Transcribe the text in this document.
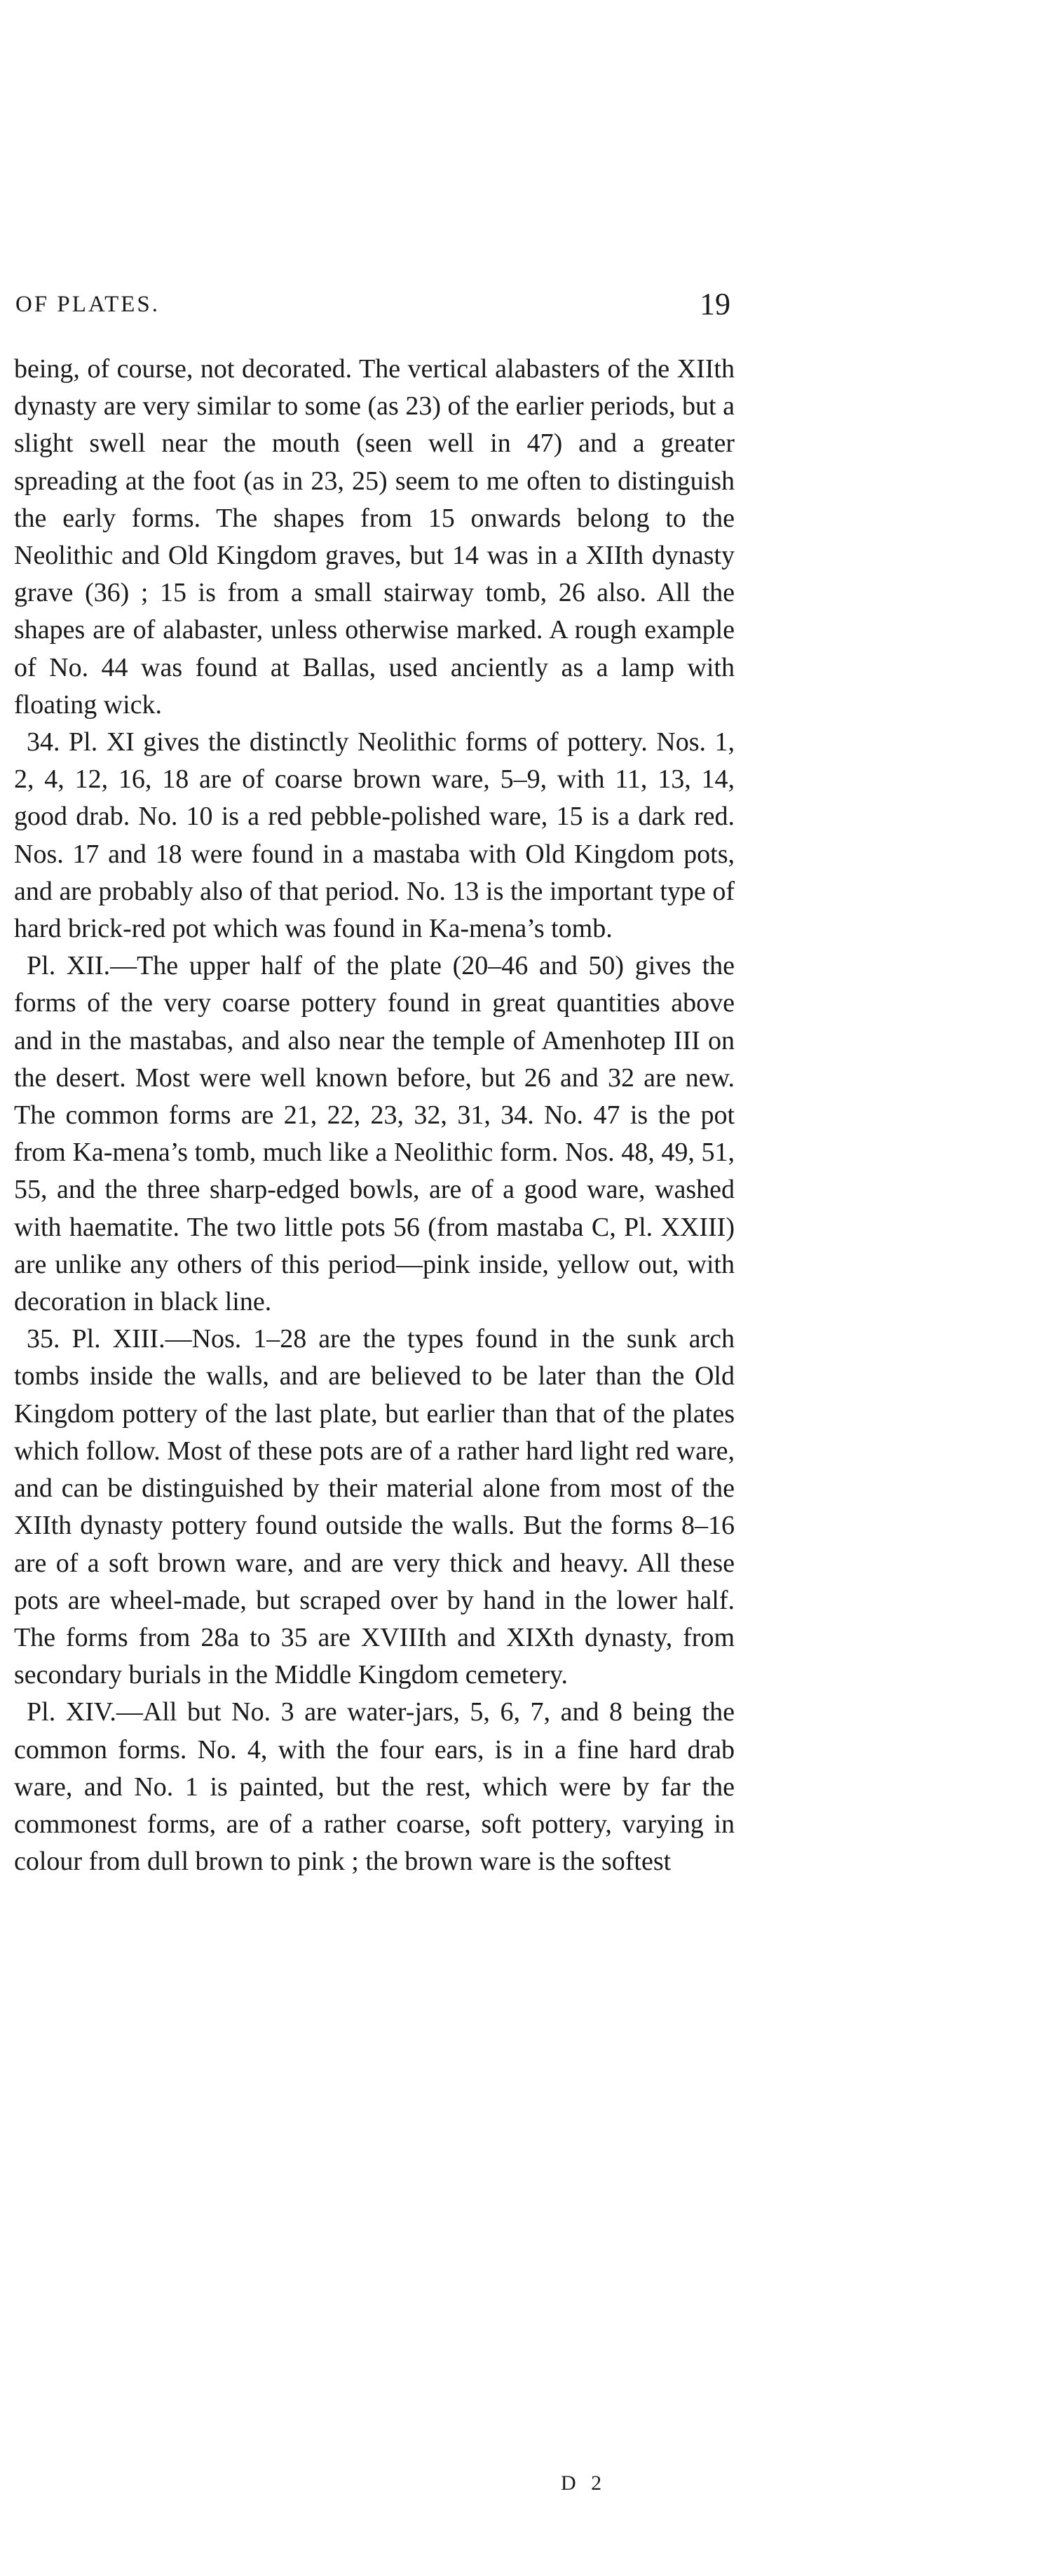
OF PLATES.	19

being, of course, not decorated. The vertical alabasters of the XIIth dynasty are very similar to some (as 23) of the earlier periods, but a slight swell near the mouth (seen well in 47) and a greater spreading at the foot (as in 23, 25) seem to me often to distinguish the early forms. The shapes from 15 onwards belong to the Neolithic and Old Kingdom graves, but 14 was in a XIIth dynasty grave (36) ; 15 is from a small stairway tomb, 26 also. All the shapes are of alabaster, unless otherwise marked. A rough example of No. 44 was found at Ballas, used anciently as a lamp with floating wick.

34. Pl. XI gives the distinctly Neolithic forms of pottery. Nos. 1, 2, 4, 12, 16, 18 are of coarse brown ware, 5–9, with 11, 13, 14, good drab. No. 10 is a red pebble-polished ware, 15 is a dark red. Nos. 17 and 18 were found in a mastaba with Old Kingdom pots, and are probably also of that period. No. 13 is the important type of hard brick-red pot which was found in Ka-mena’s tomb.

Pl. XII.—The upper half of the plate (20–46 and 50) gives the forms of the very coarse pottery found in great quantities above and in the mastabas, and also near the temple of Amenhotep III on the desert. Most were well known before, but 26 and 32 are new. The common forms are 21, 22, 23, 32, 31, 34. No. 47 is the pot from Ka-mena’s tomb, much like a Neolithic form. Nos. 48, 49, 51, 55, and the three sharp-edged bowls, are of a good ware, washed with haematite. The two little pots 56 (from mastaba C, Pl. XXIII) are unlike any others of this period—pink inside, yellow out, with decoration in black line.

35. Pl. XIII.—Nos. 1–28 are the types found in the sunk arch tombs inside the walls, and are believed to be later than the Old Kingdom pottery of the last plate, but earlier than that of the plates which follow. Most of these pots are of a rather hard light red ware, and can be distinguished by their material alone from most of the XIIth dynasty pottery found outside the walls. But the forms 8–16 are of a soft brown ware, and are very thick and heavy. All these pots are wheel-made, but scraped over by hand in the lower half. The forms from 28a to 35 are XVIIIth and XIXth dynasty, from secondary burials in the Middle Kingdom cemetery.

Pl. XIV.—All but No. 3 are water-jars, 5, 6, 7, and 8 being the common forms. No. 4, with the four ears, is in a fine hard drab ware, and No. 1 is painted, but the rest, which were by far the commonest forms, are of a rather coarse, soft pottery, varying in colour from dull brown to pink ; the brown ware is the softest

D 2
